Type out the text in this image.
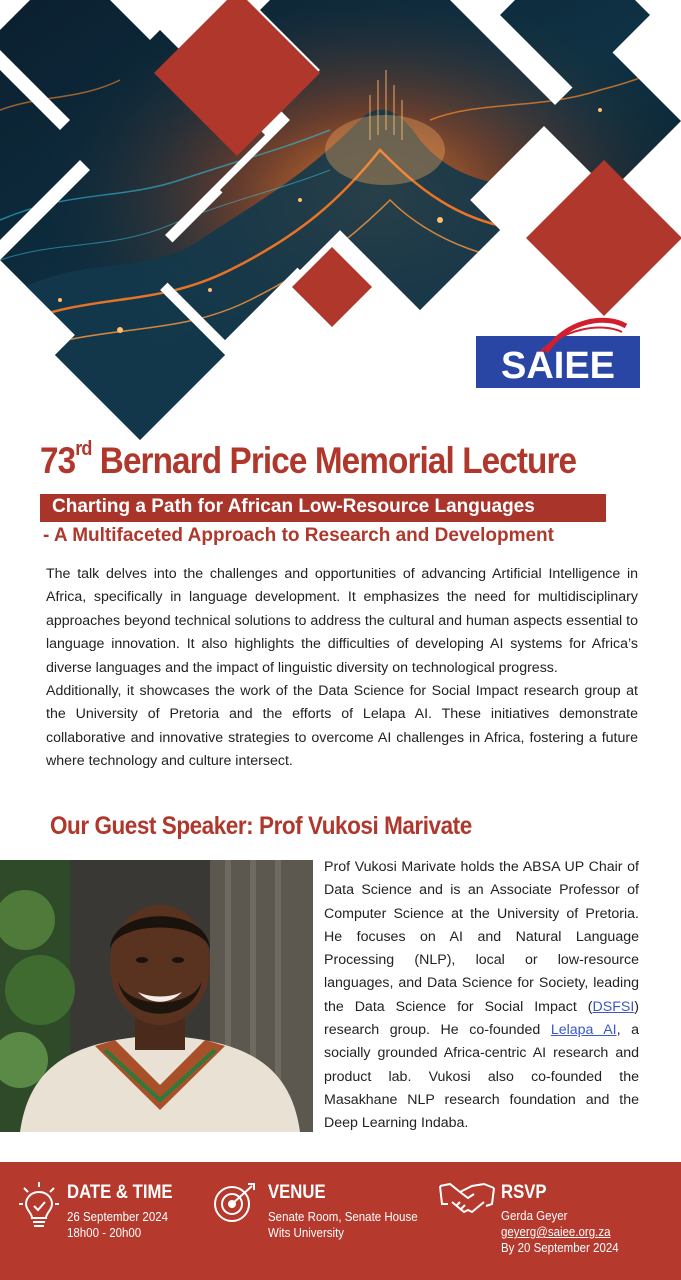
SAIEE
73rd Bernard Price Memorial Lecture
Charting a Path for African Low-Resource Languages
- A Multifaceted Approach to Research and Development

The talk delves into the challenges and opportunities of advancing Artificial Intelligence in Africa, specifically in language development. It emphasizes the need for multidisciplinary approaches beyond technical solutions to address the cultural and human aspects essential to language innovation. It also highlights the difficulties of developing AI systems for Africa’s diverse languages and the impact of linguistic diversity on technological progress.

Additionally, it showcases the work of the Data Science for Social Impact research group at the University of Pretoria and the efforts of Lelapa AI. These initiatives demonstrate collaborative and innovative strategies to overcome AI challenges in Africa, fostering a future where technology and culture intersect.

Our Guest Speaker: Prof Vukosi Marivate
Prof Vukosi Marivate holds the ABSA UP Chair of Data Science and is an Associate Professor of Computer Science at the University of Pretoria. He focuses on AI and Natural Language Processing (NLP), local or low-resource languages, and Data Science for Society, leading the Data Science for Social Impact (DSFSI) research group. He co-founded Lelapa AI, a socially grounded Africa-centric AI research and product lab. Vukosi also co-founded the Masakhane NLP research foundation and the Deep Learning Indaba.
DATE & TIME
26 September 2024
18h00 - 20h00
VENUE
Senate Room, Senate House
Wits University
RSVP
Gerda Geyer
geyerg@saiee.org.za
By 20 September 2024
